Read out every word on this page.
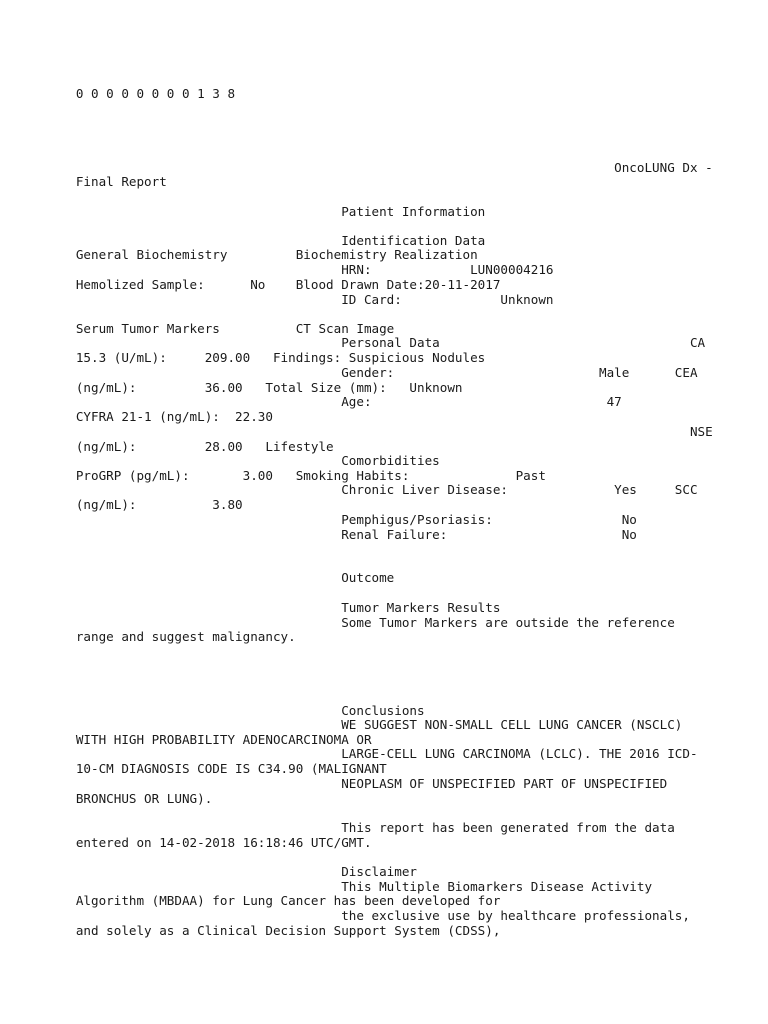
0 0 0 0 0 0 0 0 1 3 8
OncoLUNG Dx -
Final Report
Patient Information
Identification Data
General Biochemistry         Biochemistry Realization
HRN:             LUN00004216
Hemolized Sample:      No    Blood Drawn Date:20-11-2017
ID Card:             Unknown
Serum Tumor Markers          CT Scan Image
Personal Data                                 CA
15.3 (U/mL):     209.00   Findings: Suspicious Nodules
Gender:                           Male      CEA
(ng/mL):         36.00   Total Size (mm):   Unknown
Age:                               47
CYFRA 21-1 (ng/mL):  22.30
NSE
(ng/mL):         28.00   Lifestyle
Comorbidities
ProGRP (pg/mL):       3.00   Smoking Habits:              Past
Chronic Liver Disease:              Yes     SCC
(ng/mL):          3.80
Pemphigus/Psoriasis:                 No
Renal Failure:                       No
Outcome
Tumor Markers Results
Some Tumor Markers are outside the reference
range and suggest malignancy.
Conclusions
WE SUGGEST NON-SMALL CELL LUNG CANCER (NSCLC)
WITH HIGH PROBABILITY ADENOCARCINOMA OR
LARGE-CELL LUNG CARCINOMA (LCLC). THE 2016 ICD-
10-CM DIAGNOSIS CODE IS C34.90 (MALIGNANT
NEOPLASM OF UNSPECIFIED PART OF UNSPECIFIED
BRONCHUS OR LUNG).
This report has been generated from the data
entered on 14-02-2018 16:18:46 UTC/GMT.
Disclaimer
This Multiple Biomarkers Disease Activity
Algorithm (MBDAA) for Lung Cancer has been developed for
the exclusive use by healthcare professionals,
and solely as a Clinical Decision Support System (CDSS),
